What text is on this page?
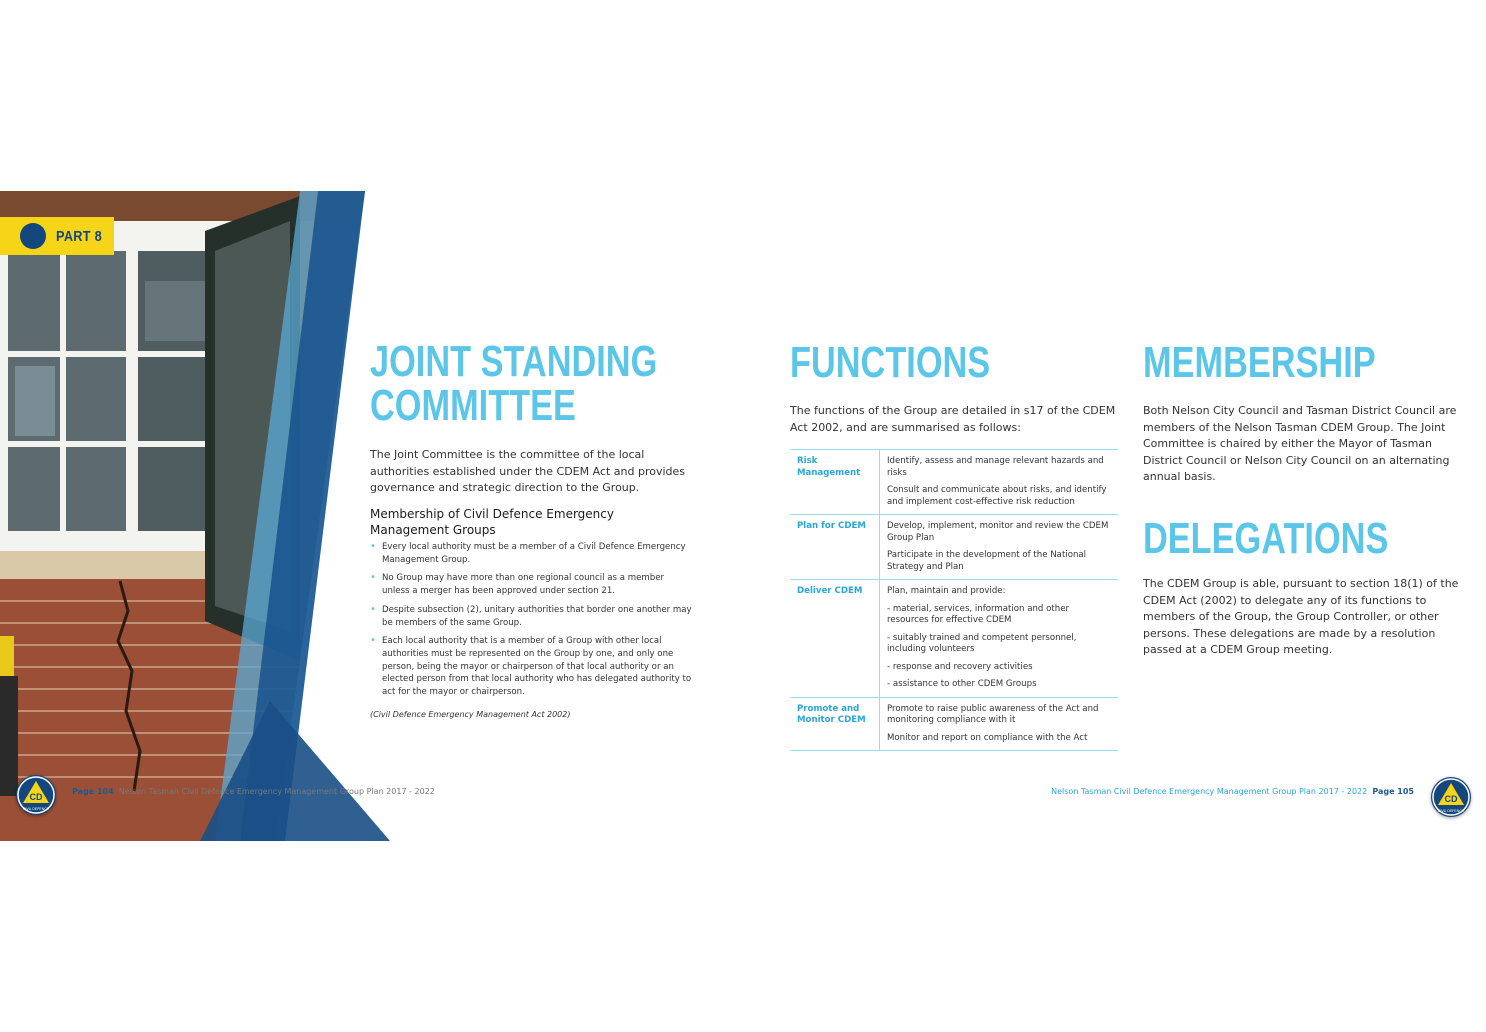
PART 8
JOINT STANDING
COMMITTEE
The Joint Committee is the committee of the local authorities established under the CDEM Act and provides governance and strategic direction to the Group.
Membership of Civil Defence Emergency Management Groups
• Every local authority must be a member of a Civil Defence Emergency Management Group.
• No Group may have more than one regional council as a member unless a merger has been approved under section 21.
• Despite subsection (2), unitary authorities that border one another may be members of the same Group.
• Each local authority that is a member of a Group with other local authorities must be represented on the Group by one, and only one person, being the mayor or chairperson of that local authority or an elected person from that local authority who has delegated authority to act for the mayor or chairperson.
(Civil Defence Emergency Management Act 2002)
CD
CIVIL DEFENCE
Page 104 Nelson Tasman Civil Defence Emergency Management Group Plan 2017 - 2022
FUNCTIONS
The functions of the Group are detailed in s17 of the CDEM Act 2002, and are summarised as follows:
Risk Management	Identify, assess and manage relevant hazards and risks
Consult and communicate about risks, and identify and implement cost-effective risk reduction

Plan for CDEM	Develop, implement, monitor and review the CDEM Group Plan
Participate in the development of the National Strategy and Plan

Deliver CDEM	Plan, maintain and provide:
- material, services, information and other resources for effective CDEM
- suitably trained and competent personnel, including volunteers
- response and recovery activities
- assistance to other CDEM Groups

Promote and Monitor CDEM	Promote to raise public awareness of the Act and monitoring compliance with it
Monitor and report on compliance with the Act
MEMBERSHIP
Both Nelson City Council and Tasman District Council are members of the Nelson Tasman CDEM Group. The Joint Committee is chaired by either the Mayor of Tasman District Council or Nelson City Council on an alternating annual basis.
DELEGATIONS
The CDEM Group is able, pursuant to section 18(1) of the CDEM Act (2002) to delegate any of its functions to members of the Group, the Group Controller, or other persons. These delegations are made by a resolution passed at a CDEM Group meeting.
Nelson Tasman Civil Defence Emergency Management Group Plan 2017 - 2022 Page 105
CD
CIVIL DEFENCE
